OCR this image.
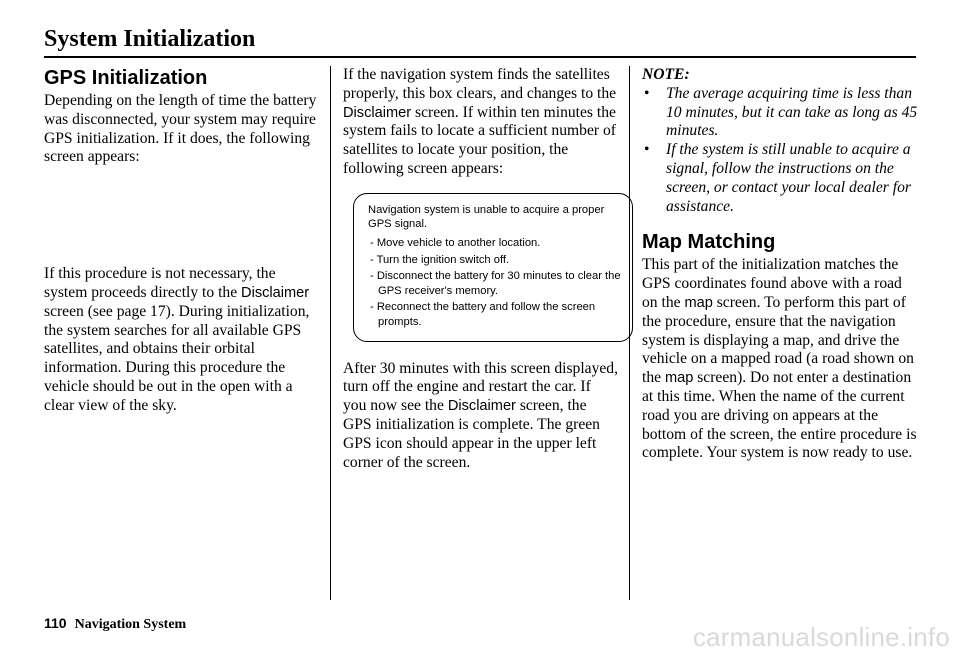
System Initialization
GPS Initialization

Depending on the length of time the battery was disconnected, your system may require GPS initialization. If it does, the following screen appears:

If this procedure is not necessary, the system proceeds directly to the Disclaimer screen (see page 17). During initialization, the system searches for all available GPS satellites, and obtains their orbital information. During this procedure the vehicle should be out in the open with a clear view of the sky.

If the navigation system finds the satellites properly, this box clears, and changes to the Disclaimer screen. If within ten minutes the system fails to locate a sufficient number of satellites to locate your position, the following screen appears:

Navigation system is unable to acquire a proper GPS signal.
- Move vehicle to another location.
- Turn the ignition switch off.
- Disconnect the battery for 30 minutes to clear the GPS receiver's memory.
- Reconnect the battery and follow the screen prompts.

After 30 minutes with this screen displayed, turn off the engine and restart the car. If you now see the Disclaimer screen, the GPS initialization is complete. The green GPS icon should appear in the upper left corner of the screen.

NOTE:
• The average acquiring time is less than 10 minutes, but it can take as long as 45 minutes.
• If the system is still unable to acquire a signal, follow the instructions on the screen, or contact your local dealer for assistance.
Map Matching

This part of the initialization matches the GPS coordinates found above with a road on the map screen. To perform this part of the procedure, ensure that the navigation system is displaying a map, and drive the vehicle on a mapped road (a road shown on the map screen). Do not enter a destination at this time. When the name of the current road you are driving on appears at the bottom of the screen, the entire procedure is complete. Your system is now ready to use.

110 Navigation System	carmanualsonline.info
